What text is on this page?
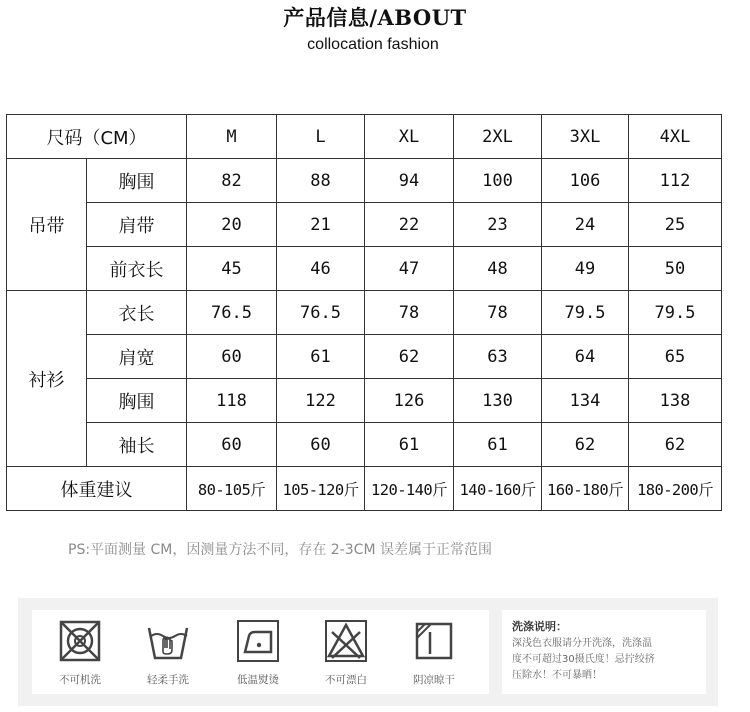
产品信息/ABOUT
collocation fashion
尺码（CM）		M	L	XL	2XL	3XL	4XL
吊带	胸围	82	88	94	100	106	112
	肩带	20	21	22	23	24	25
	前衣长	45	46	47	48	49	50
衬衫	衣长	76.5	76.5	78	78	79.5	79.5
	肩宽	60	61	62	63	64	65
	胸围	118	122	126	130	134	138
	袖长	60	60	61	61	62	62
体重建议		80-105斤	105-120斤	120-140斤	140-160斤	160-180斤	180-200斤
PS:平面测量 CM，因测量方法不同，存在 2-3CM 误差属于正常范围
不可机洗	轻柔手洗	低温熨烫	不可漂白	阴凉晾干
洗涤说明：
深浅色衣服请分开洗涤，洗涤温
度不可超过30摄氏度！忌拧绞挤
压除水！不可暴晒！
